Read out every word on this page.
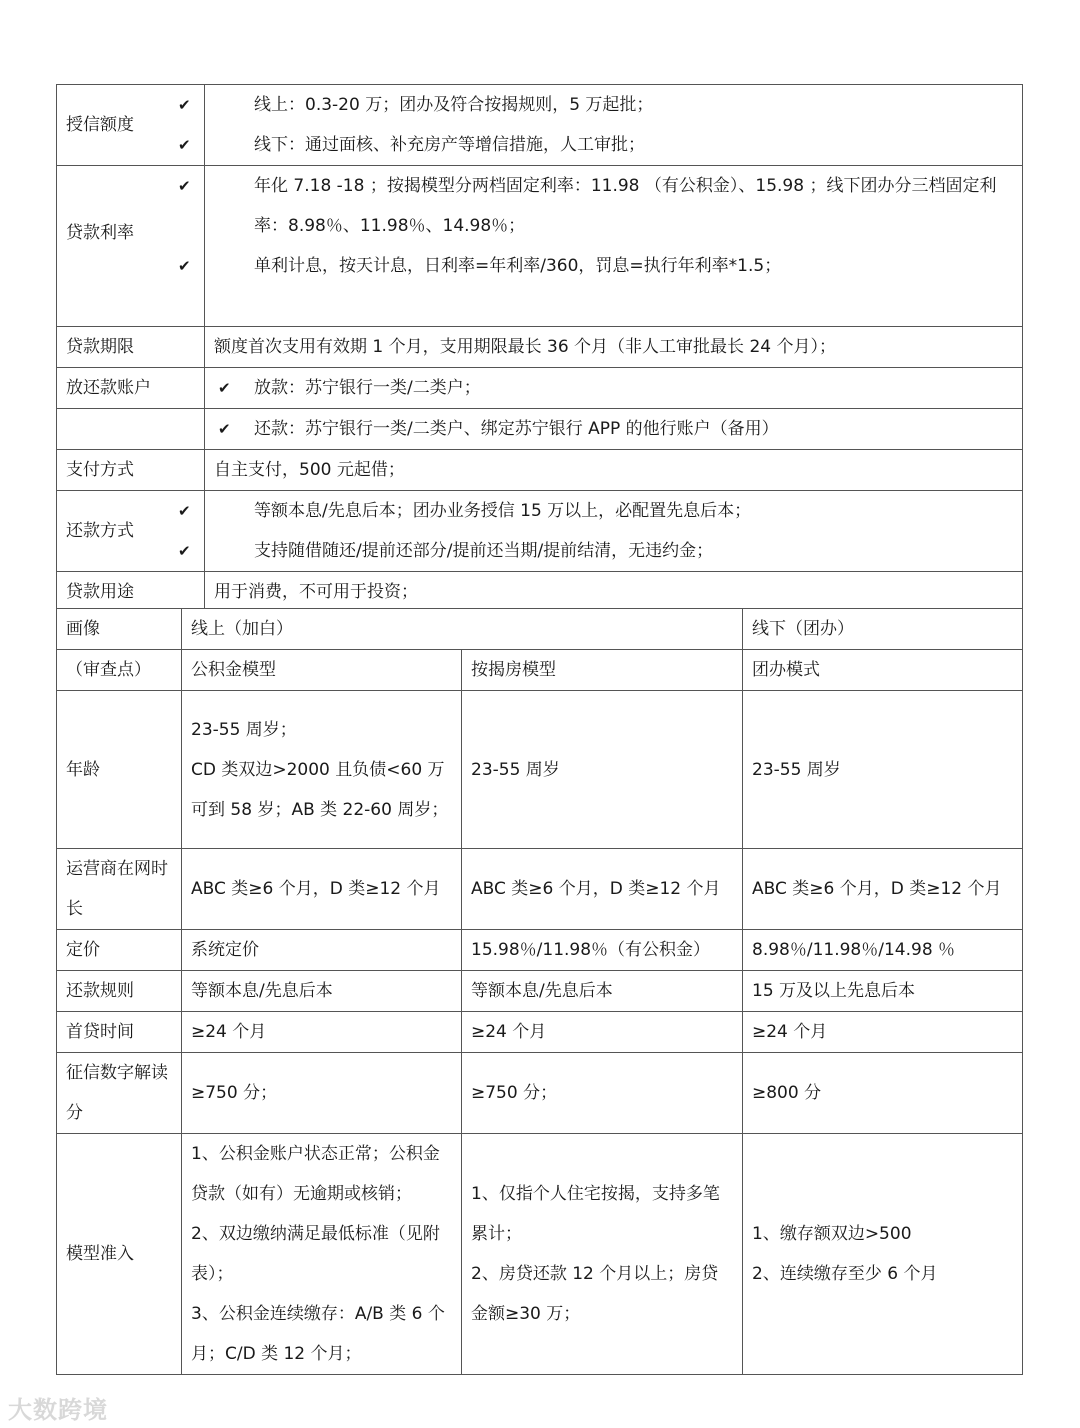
授信额度	✔ 线上：0.3-20 万；团办及符合按揭规则，5 万起批；
✔ 线下：通过面核、补充房产等增信措施，人工审批；

贷款利率	✔ 年化 7.18 -18 ；按揭模型分两档固定利率：11.98 （有公积金）、15.98 ；线下团办分三档固定利率：8.98％、11.98％、14.98％；
✔ 单利计息，按天计息，日利率=年利率/360，罚息=执行年利率*1.5；

贷款期限	额度首次支用有效期 1 个月，支用期限最长 36 个月（非人工审批最长 24 个月）；
放还款账户	✔ 放款：苏宁银行一类/二类户；
	✔ 还款：苏宁银行一类/二类户、绑定苏宁银行 APP 的他行账户（备用）
支付方式	自主支付，500 元起借；
还款方式	✔ 等额本息/先息后本；团办业务授信 15 万以上，必配置先息后本；
✔ 支持随借随还/提前还部分/提前还当期/提前结清，无违约金；

贷款用途	用于消费，不可用于投资；
画像	线上（加白）		线下（团办）
（审查点）	公积金模型	按揭房模型	团办模式
年龄	23-55 周岁；
CD 类双边>2000 且负债<60 万可到 58 岁；AB 类 22-60 周岁；	23-55 周岁	23-55 周岁
运营商在网时长	ABC 类≥6 个月，D 类≥12 个月	ABC 类≥6 个月，D 类≥12 个月	ABC 类≥6 个月，D 类≥12 个月
定价	系统定价	15.98％/11.98％（有公积金）	8.98％/11.98％/14.98 ％
还款规则	等额本息/先息后本	等额本息/先息后本	15 万及以上先息后本
首贷时间	≥24 个月	≥24 个月	≥24 个月
征信数字解读分	≥750 分；	≥750 分；	≥800 分
模型准入	1、公积金账户状态正常；公积金贷款（如有）无逾期或核销；
2、双边缴纳满足最低标准（见附表）；
3、公积金连续缴存：A/B 类 6 个月；C/D 类 12 个月；	1、仅指个人住宅按揭，支持多笔累计；
2、房贷还款 12 个月以上；房贷金额≥30 万；	1、缴存额双边>500
2、连续缴存至少 6 个月
大数跨境
